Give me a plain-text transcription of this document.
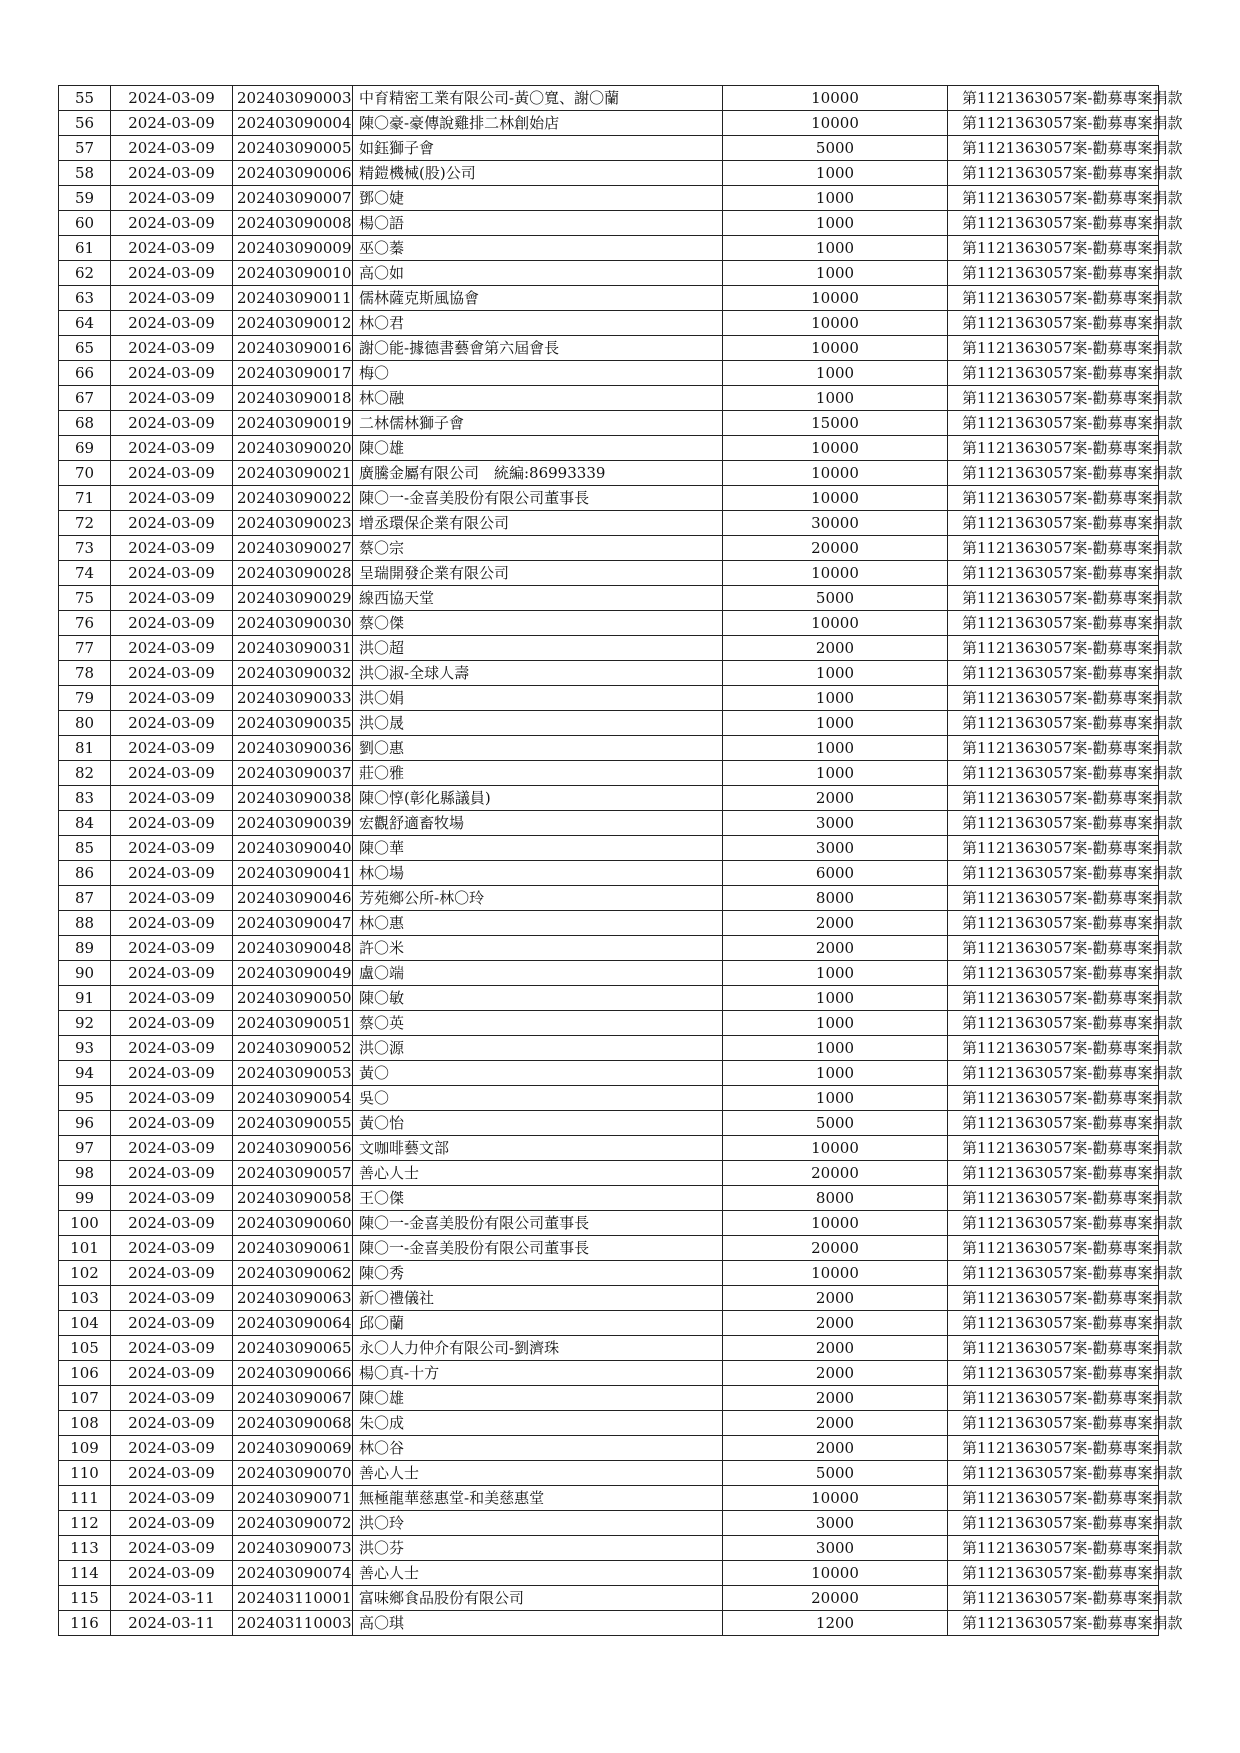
55	2024-03-09	202403090003	中育精密工業有限公司-黃〇寬、謝〇蘭	10000	第1121363057案-勸募專案捐款
56	2024-03-09	202403090004	陳〇豪-豪傳說雞排二林創始店	10000	第1121363057案-勸募專案捐款
57	2024-03-09	202403090005	如鈺獅子會	5000	第1121363057案-勸募專案捐款
58	2024-03-09	202403090006	精鎧機械(股)公司	1000	第1121363057案-勸募專案捐款
59	2024-03-09	202403090007	鄧〇婕	1000	第1121363057案-勸募專案捐款
60	2024-03-09	202403090008	楊〇語	1000	第1121363057案-勸募專案捐款
61	2024-03-09	202403090009	巫〇蓁	1000	第1121363057案-勸募專案捐款
62	2024-03-09	202403090010	高〇如	1000	第1121363057案-勸募專案捐款
63	2024-03-09	202403090011	儒林薩克斯風協會	10000	第1121363057案-勸募專案捐款
64	2024-03-09	202403090012	林〇君	10000	第1121363057案-勸募專案捐款
65	2024-03-09	202403090016	謝〇能-據德書藝會第六屆會長	10000	第1121363057案-勸募專案捐款
66	2024-03-09	202403090017	梅〇	1000	第1121363057案-勸募專案捐款
67	2024-03-09	202403090018	林〇融	1000	第1121363057案-勸募專案捐款
68	2024-03-09	202403090019	二林儒林獅子會	15000	第1121363057案-勸募專案捐款
69	2024-03-09	202403090020	陳〇雄	10000	第1121363057案-勸募專案捐款
70	2024-03-09	202403090021	廣騰金屬有限公司　統編:86993339	10000	第1121363057案-勸募專案捐款
71	2024-03-09	202403090022	陳〇一-金喜美股份有限公司董事長	10000	第1121363057案-勸募專案捐款
72	2024-03-09	202403090023	增丞環保企業有限公司	30000	第1121363057案-勸募專案捐款
73	2024-03-09	202403090027	蔡〇宗	20000	第1121363057案-勸募專案捐款
74	2024-03-09	202403090028	呈瑞開發企業有限公司	10000	第1121363057案-勸募專案捐款
75	2024-03-09	202403090029	線西協天堂	5000	第1121363057案-勸募專案捐款
76	2024-03-09	202403090030	蔡〇傑	10000	第1121363057案-勸募專案捐款
77	2024-03-09	202403090031	洪〇超	2000	第1121363057案-勸募專案捐款
78	2024-03-09	202403090032	洪〇淑-全球人壽	1000	第1121363057案-勸募專案捐款
79	2024-03-09	202403090033	洪〇娟	1000	第1121363057案-勸募專案捐款
80	2024-03-09	202403090035	洪〇晟	1000	第1121363057案-勸募專案捐款
81	2024-03-09	202403090036	劉〇惠	1000	第1121363057案-勸募專案捐款
82	2024-03-09	202403090037	莊〇雅	1000	第1121363057案-勸募專案捐款
83	2024-03-09	202403090038	陳〇惇(彰化縣議員)	2000	第1121363057案-勸募專案捐款
84	2024-03-09	202403090039	宏觀舒適畜牧場	3000	第1121363057案-勸募專案捐款
85	2024-03-09	202403090040	陳〇華	3000	第1121363057案-勸募專案捐款
86	2024-03-09	202403090041	林〇場	6000	第1121363057案-勸募專案捐款
87	2024-03-09	202403090046	芳苑鄉公所-林〇玲	8000	第1121363057案-勸募專案捐款
88	2024-03-09	202403090047	林〇惠	2000	第1121363057案-勸募專案捐款
89	2024-03-09	202403090048	許〇米	2000	第1121363057案-勸募專案捐款
90	2024-03-09	202403090049	盧〇端	1000	第1121363057案-勸募專案捐款
91	2024-03-09	202403090050	陳〇敏	1000	第1121363057案-勸募專案捐款
92	2024-03-09	202403090051	蔡〇英	1000	第1121363057案-勸募專案捐款
93	2024-03-09	202403090052	洪〇源	1000	第1121363057案-勸募專案捐款
94	2024-03-09	202403090053	黃〇	1000	第1121363057案-勸募專案捐款
95	2024-03-09	202403090054	吳〇	1000	第1121363057案-勸募專案捐款
96	2024-03-09	202403090055	黃〇怡	5000	第1121363057案-勸募專案捐款
97	2024-03-09	202403090056	文咖啡藝文部	10000	第1121363057案-勸募專案捐款
98	2024-03-09	202403090057	善心人士	20000	第1121363057案-勸募專案捐款
99	2024-03-09	202403090058	王〇傑	8000	第1121363057案-勸募專案捐款
100	2024-03-09	202403090060	陳〇一-金喜美股份有限公司董事長	10000	第1121363057案-勸募專案捐款
101	2024-03-09	202403090061	陳〇一-金喜美股份有限公司董事長	20000	第1121363057案-勸募專案捐款
102	2024-03-09	202403090062	陳〇秀	10000	第1121363057案-勸募專案捐款
103	2024-03-09	202403090063	新〇禮儀社	2000	第1121363057案-勸募專案捐款
104	2024-03-09	202403090064	邱〇蘭	2000	第1121363057案-勸募專案捐款
105	2024-03-09	202403090065	永〇人力仲介有限公司-劉濟珠	2000	第1121363057案-勸募專案捐款
106	2024-03-09	202403090066	楊〇真-十方	2000	第1121363057案-勸募專案捐款
107	2024-03-09	202403090067	陳〇雄	2000	第1121363057案-勸募專案捐款
108	2024-03-09	202403090068	朱〇成	2000	第1121363057案-勸募專案捐款
109	2024-03-09	202403090069	林〇谷	2000	第1121363057案-勸募專案捐款
110	2024-03-09	202403090070	善心人士	5000	第1121363057案-勸募專案捐款
111	2024-03-09	202403090071	無極龍華慈惠堂-和美慈惠堂	10000	第1121363057案-勸募專案捐款
112	2024-03-09	202403090072	洪〇玲	3000	第1121363057案-勸募專案捐款
113	2024-03-09	202403090073	洪〇芬	3000	第1121363057案-勸募專案捐款
114	2024-03-09	202403090074	善心人士	10000	第1121363057案-勸募專案捐款
115	2024-03-11	202403110001	富味鄉食品股份有限公司	20000	第1121363057案-勸募專案捐款
116	2024-03-11	202403110003	高〇琪	1200	第1121363057案-勸募專案捐款
